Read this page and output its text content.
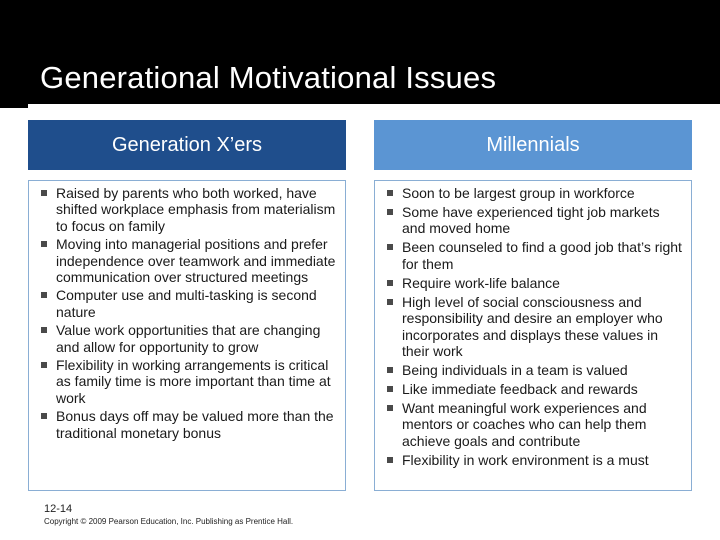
Generational Motivational Issues
Generation X’ers	Millennials
Raised by parents who both worked, have shifted workplace emphasis from materialism to focus on family
Moving into managerial positions and prefer independence over teamwork and immediate communication over structured meetings
Computer use and multi-tasking is second nature
Value work opportunities that are changing and allow for opportunity to grow
Flexibility in working arrangements is critical as family time is more important than time at work
Bonus days off may be valued more than the traditional monetary bonus
Soon to be largest group in workforce
Some have experienced tight job markets and moved home
Been counseled to find a good job that’s right for them
Require work-life balance
High level of social consciousness and responsibility and desire an employer who incorporates and displays these values in their work
Being individuals in a team is valued
Like immediate feedback and rewards
Want meaningful work experiences and mentors or coaches who can help them achieve goals and contribute
Flexibility in work environment is a must
12-14
Copyright © 2009 Pearson Education, Inc. Publishing as Prentice Hall.
